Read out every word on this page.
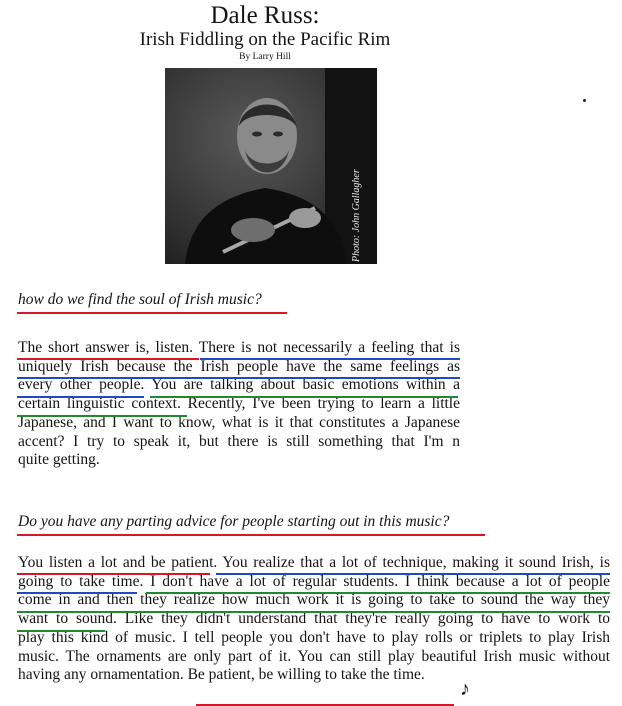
Dale Russ:
Irish Fiddling on the Pacific Rim
By Larry Hill
Photo: John Gallagher
how do we find the soul of Irish music?
The short answer is, listen. There is not necessarily a feeling that is
uniquely Irish because the Irish people have the same feelings as
every other people. You are talking about basic emotions within a
certain linguistic context. Recently, I've been trying to learn a little
Japanese, and I want to know, what is it that constitutes a Japanese
accent? I try to speak it, but there is still something that I'm n
quite getting.
Do you have any parting advice for people starting out in this music?
You listen a lot and be patient. You realize that a lot of technique, making it sound Irish, is
going to take time. I don't have a lot of regular students. I think because a lot of people
come in and then they realize how much work it is going to take to sound the way they
want to sound. Like they didn't understand that they're really going to have to work to
play this kind of music. I tell people you don't have to play rolls or triplets to play Irish
music. The ornaments are only part of it. You can still play beautiful Irish music without
having any ornamentation. Be patient, be willing to take the time.
♪
